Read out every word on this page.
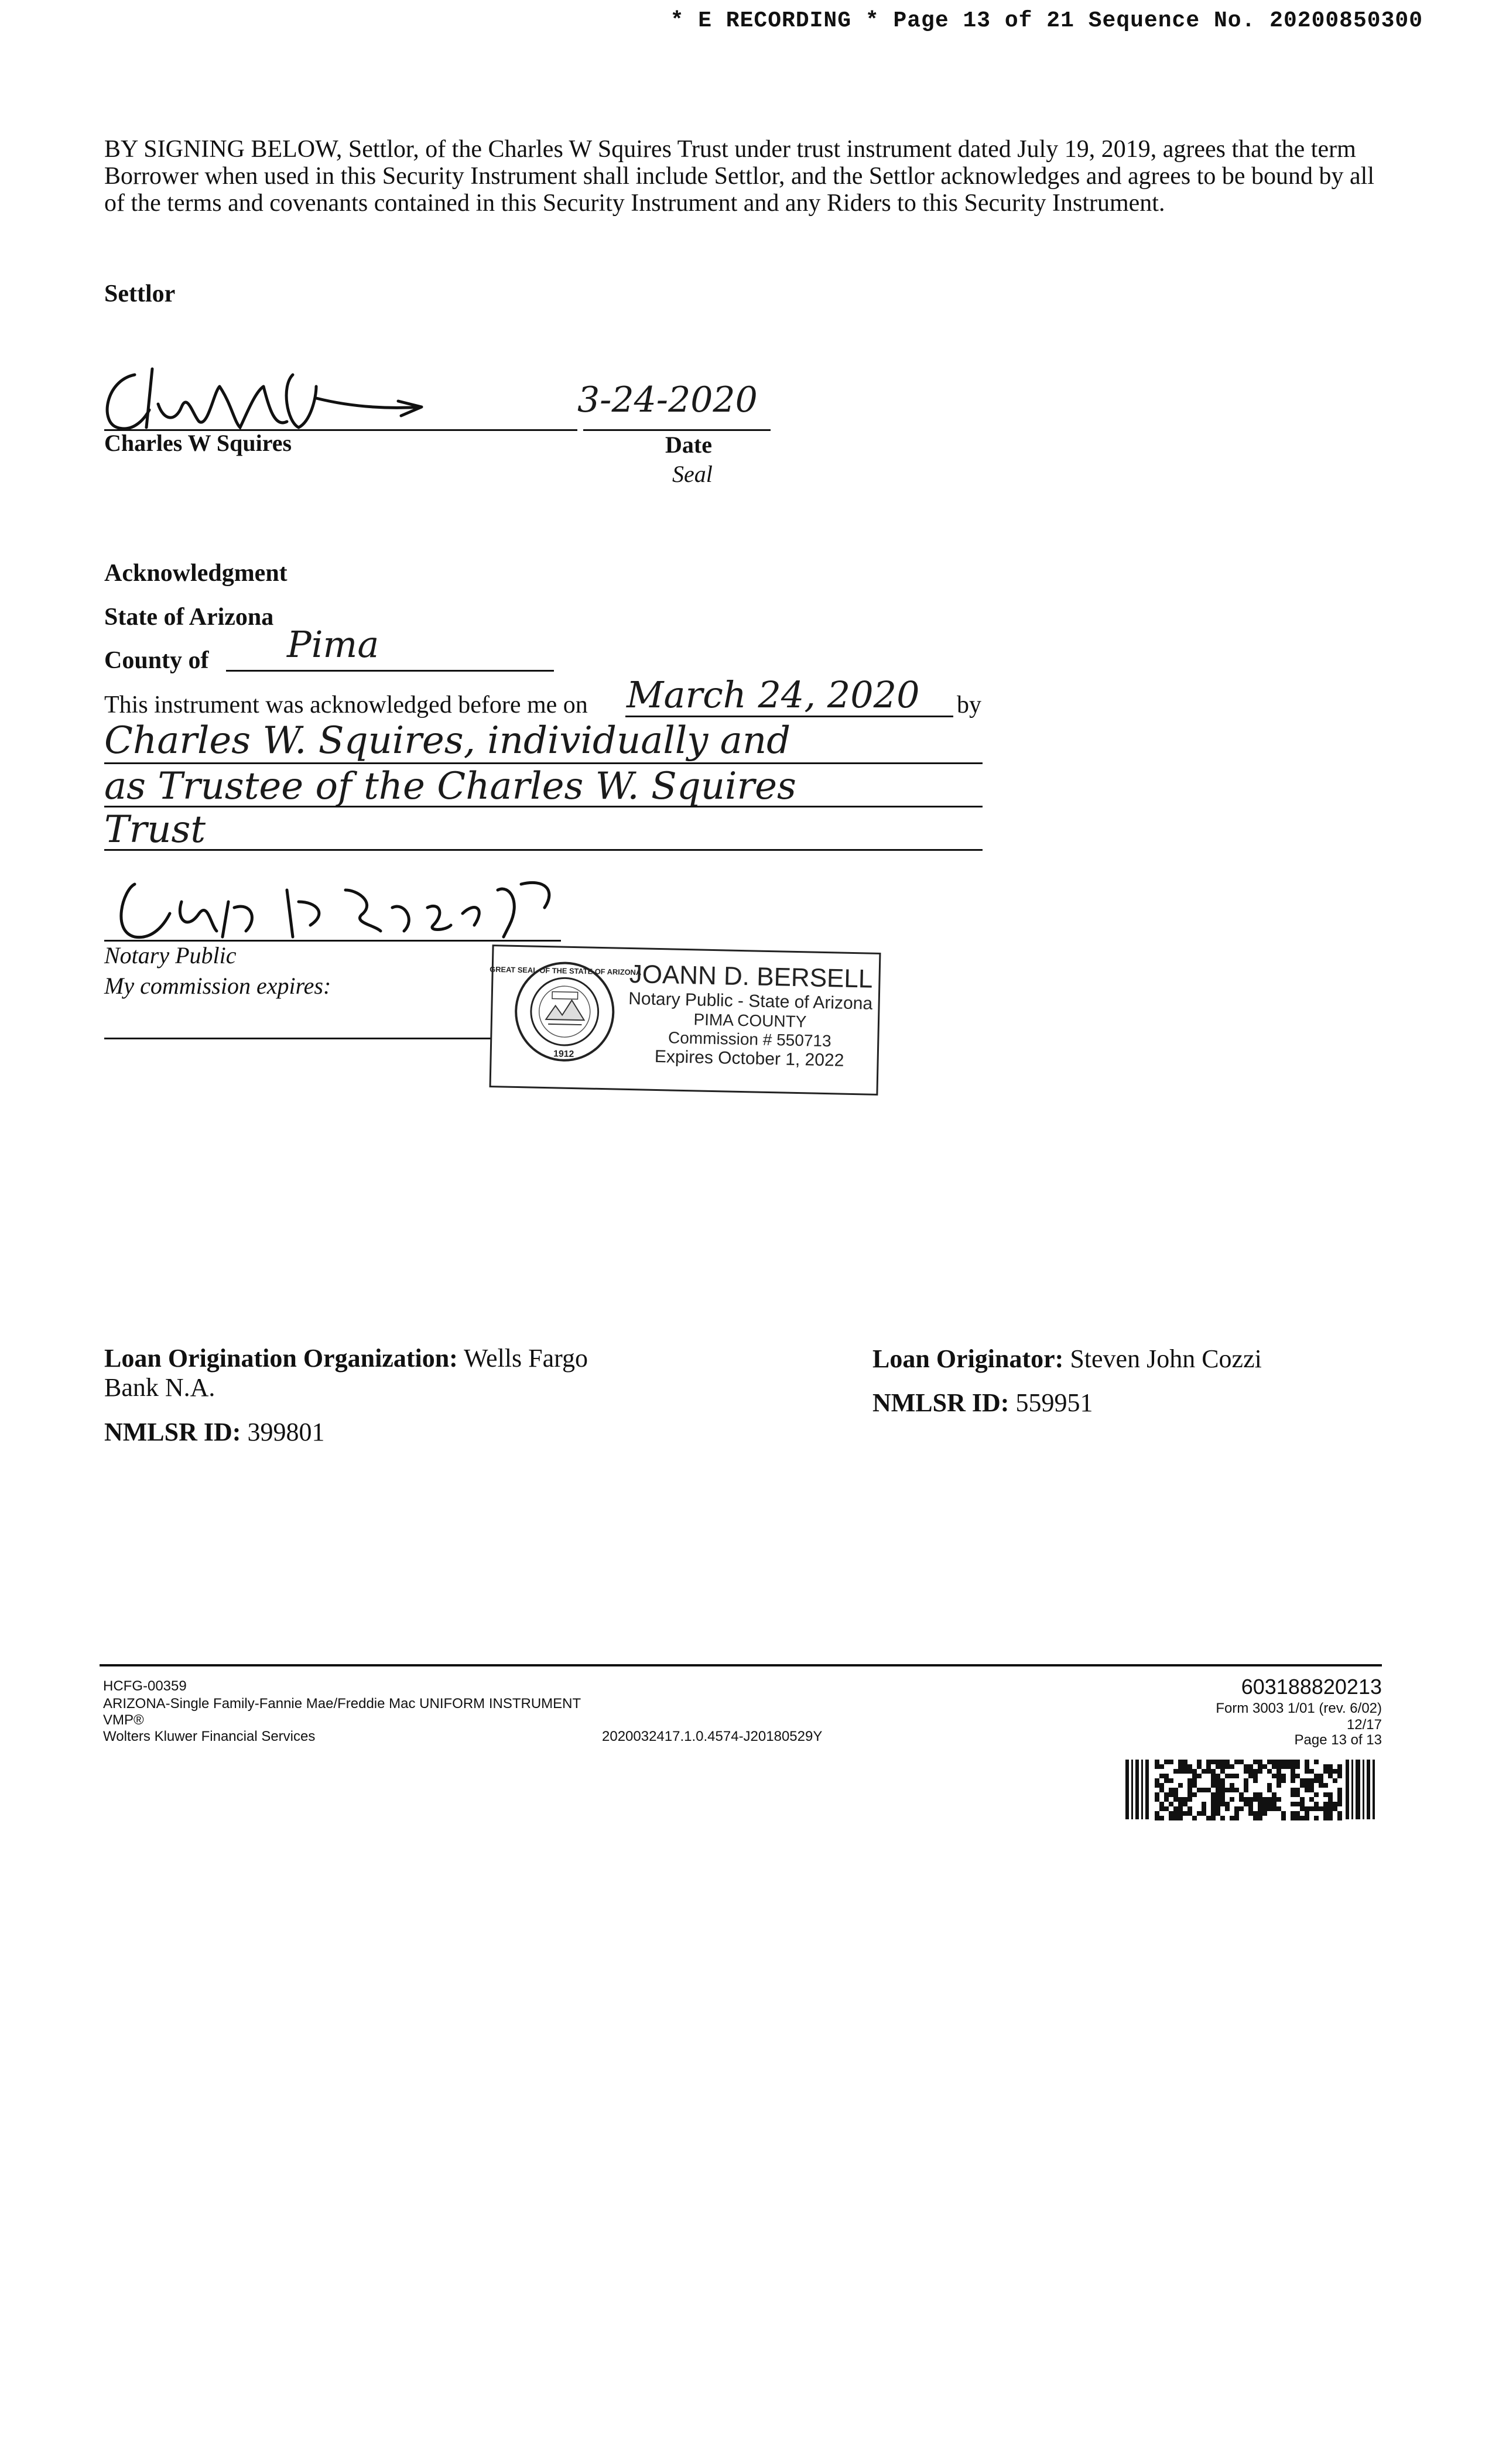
* E RECORDING * Page 13 of 21 Sequence No. 20200850300
BY SIGNING BELOW, Settlor, of the Charles W Squires Trust under trust instrument dated July 19, 2019, agrees that the term Borrower when used in this Security Instrument shall include Settlor, and the Settlor acknowledges and agrees to be bound by all of the terms and covenants contained in this Security Instrument and any Riders to this Security Instrument.
Settlor
3-24-2020
Charles W Squires	Date
Seal
Acknowledgment
State of Arizona
County of Pima
This instrument was acknowledged before me on March 24, 2020 by
Charles W. Squires, individually and
as Trustee of the Charles W. Squires
Trust
Notary Public
My commission expires:
GREAT SEAL OF THE STATE OF ARIZONA
1912
JOANN D. BERSELL
Notary Public - State of Arizona
PIMA COUNTY
Commission # 550713
Expires October 1, 2022
Loan Origination Organization: Wells Fargo Bank N.A.
NMLSR ID: 399801
Loan Originator: Steven John Cozzi
NMLSR ID: 559951
HCFG-00359
ARIZONA-Single Family-Fannie Mae/Freddie Mac UNIFORM INSTRUMENT
VMP®
Wolters Kluwer Financial Services	2020032417.1.0.4574-J20180529Y
603188820213
Form 3003 1/01 (rev. 6/02)
12/17
Page 13 of 13
